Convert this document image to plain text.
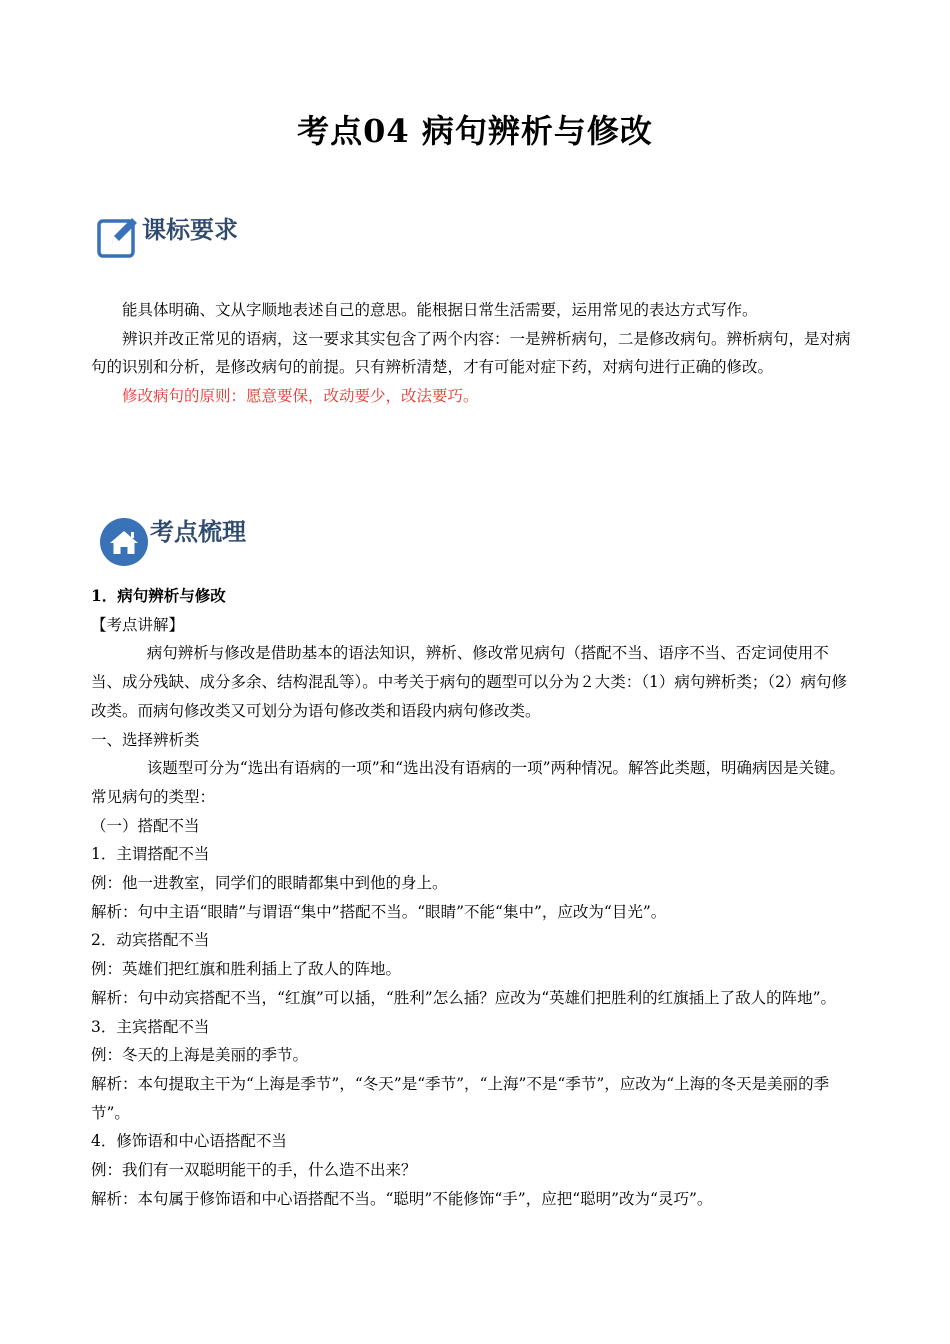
考点04 病句辨析与修改
课标要求

能具体明确、文从字顺地表述自己的意思。能根据日常生活需要，运用常见的表达方式写作。

辨识并改正常见的语病，这一要求其实包含了两个内容：一是辨析病句，二是修改病句。辨析病句，是对病句的识别和分析，是修改病句的前提。只有辨析清楚，才有可能对症下药，对病句进行正确的修改。

修改病句的原则：愿意要保，改动要少，改法要巧。

考点梳理

1．病句辨析与修改

【考点讲解】

病句辨析与修改是借助基本的语法知识，辨析、修改常见病句（搭配不当、语序不当、否定词使用不当、成分残缺、成分多余、结构混乱等）。中考关于病句的题型可以分为２大类：（1）病句辨析类；（2）病句修改类。而病句修改类又可划分为语句修改类和语段内病句修改类。

一、选择辨析类

该题型可分为“选出有语病的一项”和“选出没有语病的一项”两种情况。解答此类题，明确病因是关键。常见病句的类型：

（一）搭配不当

1．主谓搭配不当

例：他一进教室，同学们的眼睛都集中到他的身上。

解析：句中主语“眼睛”与谓语“集中”搭配不当。“眼睛”不能“集中”，应改为“目光”。

2．动宾搭配不当

例：英雄们把红旗和胜利插上了敌人的阵地。

解析：句中动宾搭配不当，“红旗”可以插，“胜利”怎么插？应改为“英雄们把胜利的红旗插上了敌人的阵地”。

3．主宾搭配不当

例：冬天的上海是美丽的季节。

解析：本句提取主干为“上海是季节”，“冬天”是“季节”，“上海”不是“季节”，应改为“上海的冬天是美丽的季节”。

4．修饰语和中心语搭配不当

例：我们有一双聪明能干的手，什么造不出来？

解析：本句属于修饰语和中心语搭配不当。“聪明”不能修饰“手”，应把“聪明”改为“灵巧”。
